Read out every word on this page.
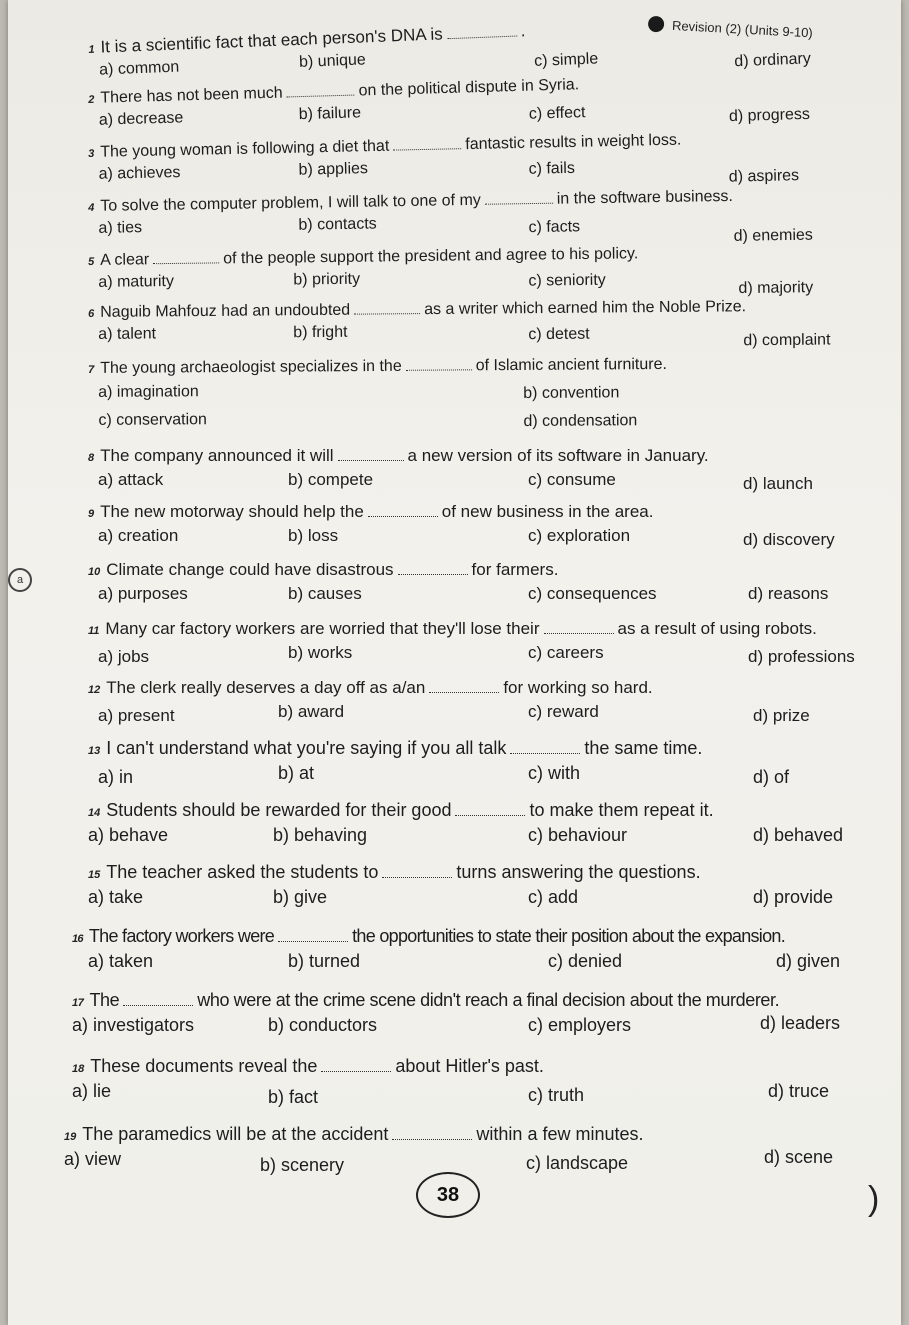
Revision (2) (Units 9-10)
a
1 It is a scientific fact that each person's DNA is	.
a) common	b) unique	c) simple	d) ordinary
2 There has not been much	on the political dispute in Syria.
a) decrease	b) failure	c) effect	d) progress
3 The young woman is following a diet that	fantastic results in weight loss.
a) achieves	b) applies	c) fails	d) aspires
4 To solve the computer problem, I will talk to one of my	in the software business.
a) ties	b) contacts	c) facts	d) enemies
5 A clear	of the people support the president and agree to his policy.
a) maturity	b) priority	c) seniority	d) majority
6 Naguib Mahfouz had an undoubted	as a writer which earned him the Noble Prize.
a) talent	b) fright	c) detest	d) complaint
7 The young archaeologist specializes in the	of Islamic ancient furniture.
a) imagination	b) convention
c) conservation	d) condensation
8 The company announced it will	a new version of its software in January.
a) attack	b) compete	c) consume	d) launch
9 The new motorway should help the	of new business in the area.
a) creation	b) loss	c) exploration	d) discovery
10 Climate change could have disastrous	for farmers.
a) purposes	b) causes	c) consequences	d) reasons
11 Many car factory workers are worried that they'll lose their	as a result of using robots.
a) jobs	b) works	c) careers	d) professions
12 The clerk really deserves a day off as a/an	for working so hard.
a) present	b) award	c) reward	d) prize
13 I can't understand what you're saying if you all talk	the same time.
a) in	b) at	c) with	d) of
14 Students should be rewarded for their good	to make them repeat it.
a) behave	b) behaving	c) behaviour	d) behaved
15 The teacher asked the students to	turns answering the questions.
a) take	b) give	c) add	d) provide
16 The factory workers were	the opportunities to state their position about the expansion.
a) taken	b) turned	c) denied	d) given
17 The	who were at the crime scene didn't reach a final decision about the murderer.
a) investigators	b) conductors	c) employers	d) leaders
18 These documents reveal the	about Hitler's past.
a) lie	b) fact	c) truth	d) truce
19 The paramedics will be at the accident	within a few minutes.
a) view	b) scenery	c) landscape	d) scene
38	)
